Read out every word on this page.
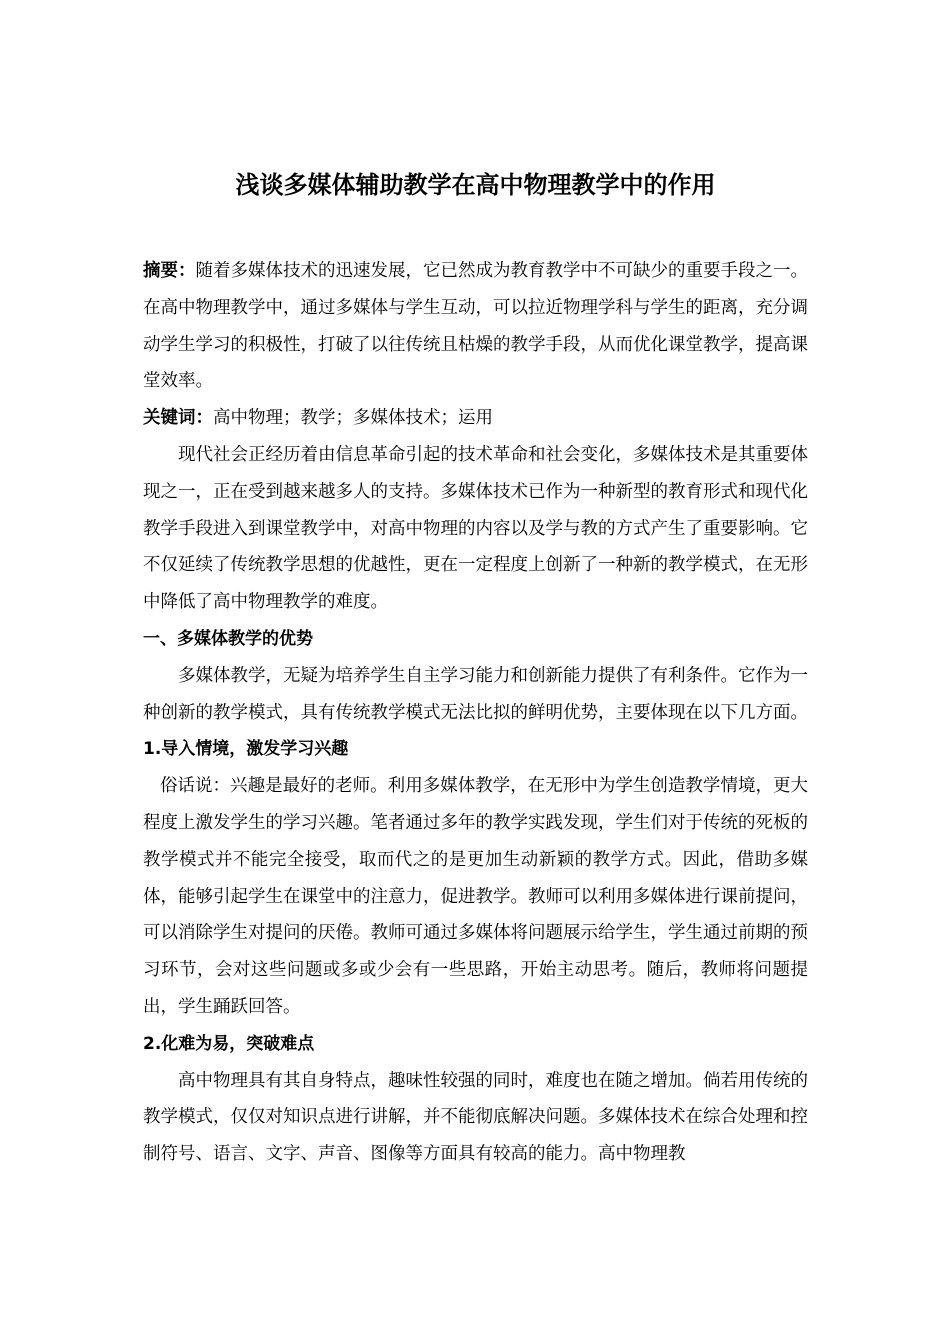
浅谈多媒体辅助教学在高中物理教学中的作用

摘要：随着多媒体技术的迅速发展，它已然成为教育教学中不可缺少的重要手段之一。在高中物理教学中，通过多媒体与学生互动，可以拉近物理学科与学生的距离，充分调动学生学习的积极性，打破了以往传统且枯燥的教学手段，从而优化课堂教学，提高课堂效率。

关键词：高中物理；教学；多媒体技术；运用

现代社会正经历着由信息革命引起的技术革命和社会变化，多媒体技术是其重要体现之一，正在受到越来越多人的支持。多媒体技术已作为一种新型的教育形式和现代化教学手段进入到课堂教学中，对高中物理的内容以及学与教的方式产生了重要影响。它不仅延续了传统教学思想的优越性，更在一定程度上创新了一种新的教学模式，在无形中降低了高中物理教学的难度。

一、多媒体教学的优势

多媒体教学，无疑为培养学生自主学习能力和创新能力提供了有利条件。它作为一种创新的教学模式，具有传统教学模式无法比拟的鲜明优势，主要体现在以下几方面。

1.导入情境，激发学习兴趣

俗话说：兴趣是最好的老师。利用多媒体教学，在无形中为学生创造教学情境，更大程度上激发学生的学习兴趣。笔者通过多年的教学实践发现，学生们对于传统的死板的教学模式并不能完全接受，取而代之的是更加生动新颖的教学方式。因此，借助多媒体，能够引起学生在课堂中的注意力，促进教学。教师可以利用多媒体进行课前提问，可以消除学生对提问的厌倦。教师可通过多媒体将问题展示给学生，学生通过前期的预习环节，会对这些问题或多或少会有一些思路，开始主动思考。随后，教师将问题提出，学生踊跃回答。

2.化难为易，突破难点

高中物理具有其自身特点，趣味性较强的同时，难度也在随之增加。倘若用传统的教学模式，仅仅对知识点进行讲解，并不能彻底解决问题。多媒体技术在综合处理和控制符号、语言、文字、声音、图像等方面具有较高的能力。高中物理教
